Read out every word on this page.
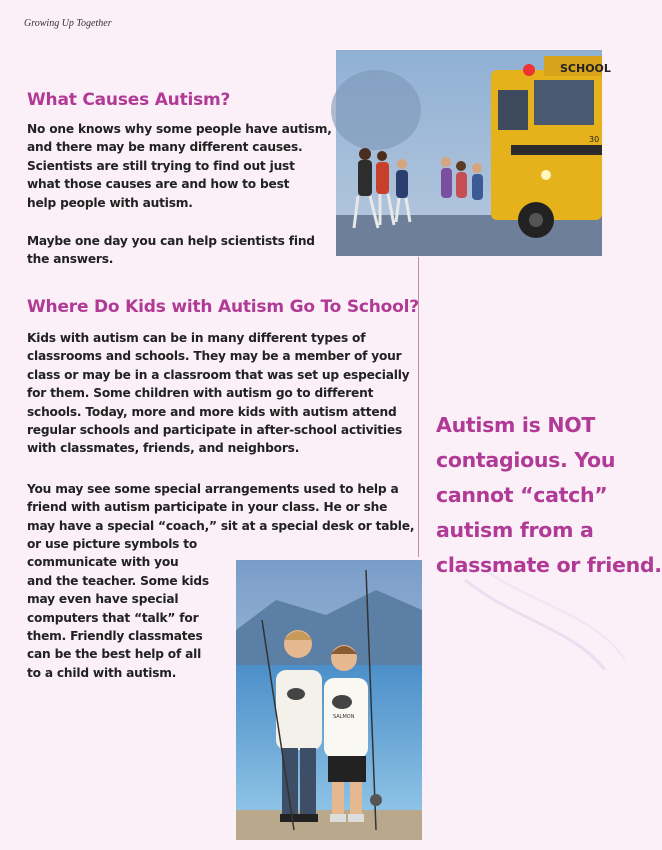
Growing Up Together
What Causes Autism?
No one knows why some people have autism,
and there may be many different causes.
Scientists are still trying to find out just
what those causes are and how to best
help people with autism.
Maybe one day you can help scientists find
the answers.
SCHOOL
30
Where Do Kids with Autism Go To School?
Kids with autism can be in many different types of
classrooms and schools. They may be a member of your
class or may be in a classroom that was set up especially
for them. Some children with autism go to different
schools. Today, more and more kids with autism attend
regular schools and participate in after-school activities
with classmates, friends, and neighbors.
You may see some special arrangements used to help a
friend with autism participate in your class. He or she
may have a special “coach,” sit at a special desk or table,
or use picture symbols to
communicate with you
and the teacher. Some kids
may even have special
computers that “talk” for
them. Friendly classmates
can be the best help of all
to a child with autism.
Autism is NOT
contagious. You
cannot “catch”
autism from a
classmate or friend.
SALMON
